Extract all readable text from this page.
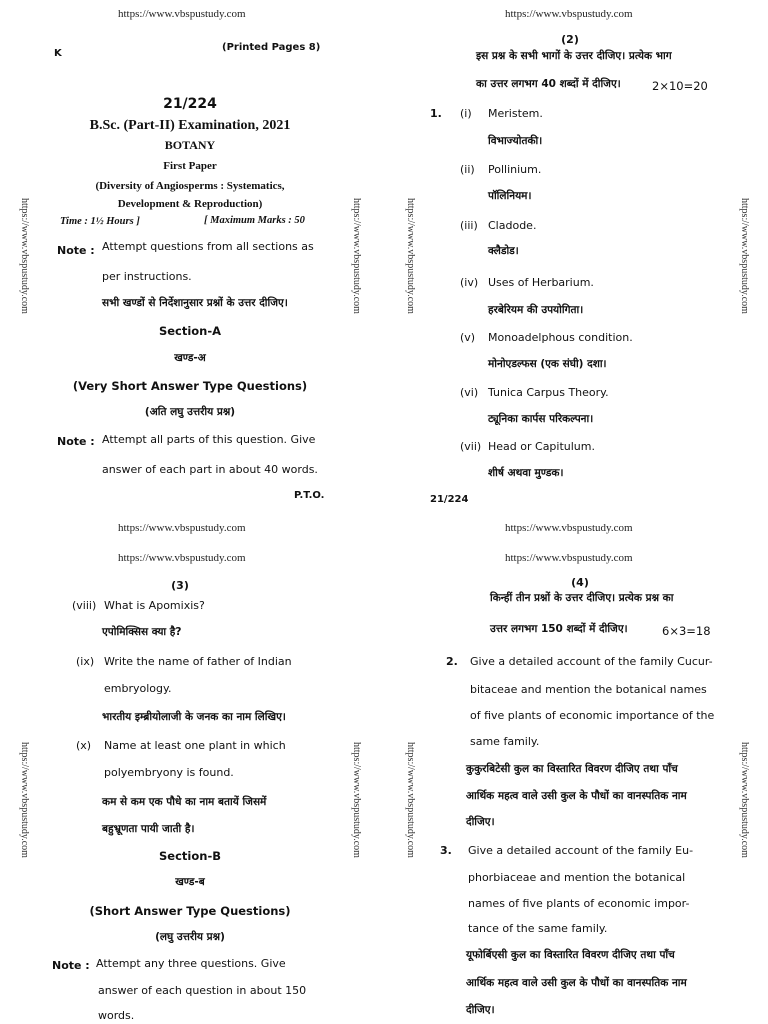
https://www.vbspustudy.com	https://www.vbspustudy.com
https://www.vbspustudy.com	https://www.vbspustudy.com
https://www.vbspustudy.com	https://www.vbspustudy.com
https://www.vbspustudy.com	https://www.vbspustudy.com	https://www.vbspustudy.com	https://www.vbspustudy.com
https://www.vbspustudy.com	https://www.vbspustudy.com	https://www.vbspustudy.com	https://www.vbspustudy.com
K
(Printed Pages 8)
21/224
B.Sc. (Part-II) Examination, 2021
BOTANY
First Paper
(Diversity of Angiosperms : Systematics,
Development & Reproduction)
Time : 1½ Hours ]	[ Maximum Marks : 50
Note : Attempt questions from all sections as
per instructions.
सभी खण्डों से निर्देशानुसार प्रश्नों के उत्तर दीजिए।
Section-A
खण्ड-अ
(Very Short Answer Type Questions)
(अति लघु उत्तरीय प्रश्न)
Note : Attempt all parts of this question. Give
answer of each part in about 40 words.
P.T.O.
(2)
इस प्रश्न के सभी भागों के उत्तर दीजिए। प्रत्येक भाग
का उत्तर लगभग 40 शब्दों में दीजिए।	2×10=20
1. (i) Meristem.
विभाज्योतकी।
(ii) Pollinium.
पॉलिनियम।
(iii) Cladode.
क्लैडोड।
(iv) Uses of Herbarium.
हरबेरियम की उपयोगिता।
(v) Monoadelphous condition.
मोनोएडल्फस (एक संघी) दशा।
(vi) Tunica Carpus Theory.
ट्यूनिका कार्पस परिकल्पना।
(vii) Head or Capitulum.
शीर्ष अथवा मुण्डक।
21/224
(3)
(viii) What is Apomixis?
एपोमिक्सिस क्या है?
(ix) Write the name of father of Indian
embryology.
भारतीय इम्ब्रीयोलाजी के जनक का नाम लिखिए।
(x) Name at least one plant in which
polyembryony is found.
कम से कम एक पौधे का नाम बतायें जिसमें
बहुभ्रूणता पायी जाती है।
Section-B
खण्ड-ब
(Short Answer Type Questions)
(लघु उत्तरीय प्रश्न)
Note : Attempt any three questions. Give
answer of each question in about 150
words.
(4)
किन्हीं तीन प्रश्नों के उत्तर दीजिए। प्रत्येक प्रश्न का
उत्तर लगभग 150 शब्दों में दीजिए।	6×3=18
2. Give a detailed account of the family Cucur-
bitaceae and mention the botanical names
of five plants of economic importance of the
same family.
कुकुरबिटेसी कुल का विस्तारित विवरण दीजिए तथा पाँच
आर्थिक महत्व वाले उसी कुल के पौधों का वानस्पतिक नाम
दीजिए।
3. Give a detailed account of the family Eu-
phorbiaceae and mention the botanical
names of five plants of economic impor-
tance of the same family.
यूफोर्बिएसी कुल का विस्तारित विवरण दीजिए तथा पाँच
आर्थिक महत्व वाले उसी कुल के पौधों का वानस्पतिक नाम
दीजिए।
